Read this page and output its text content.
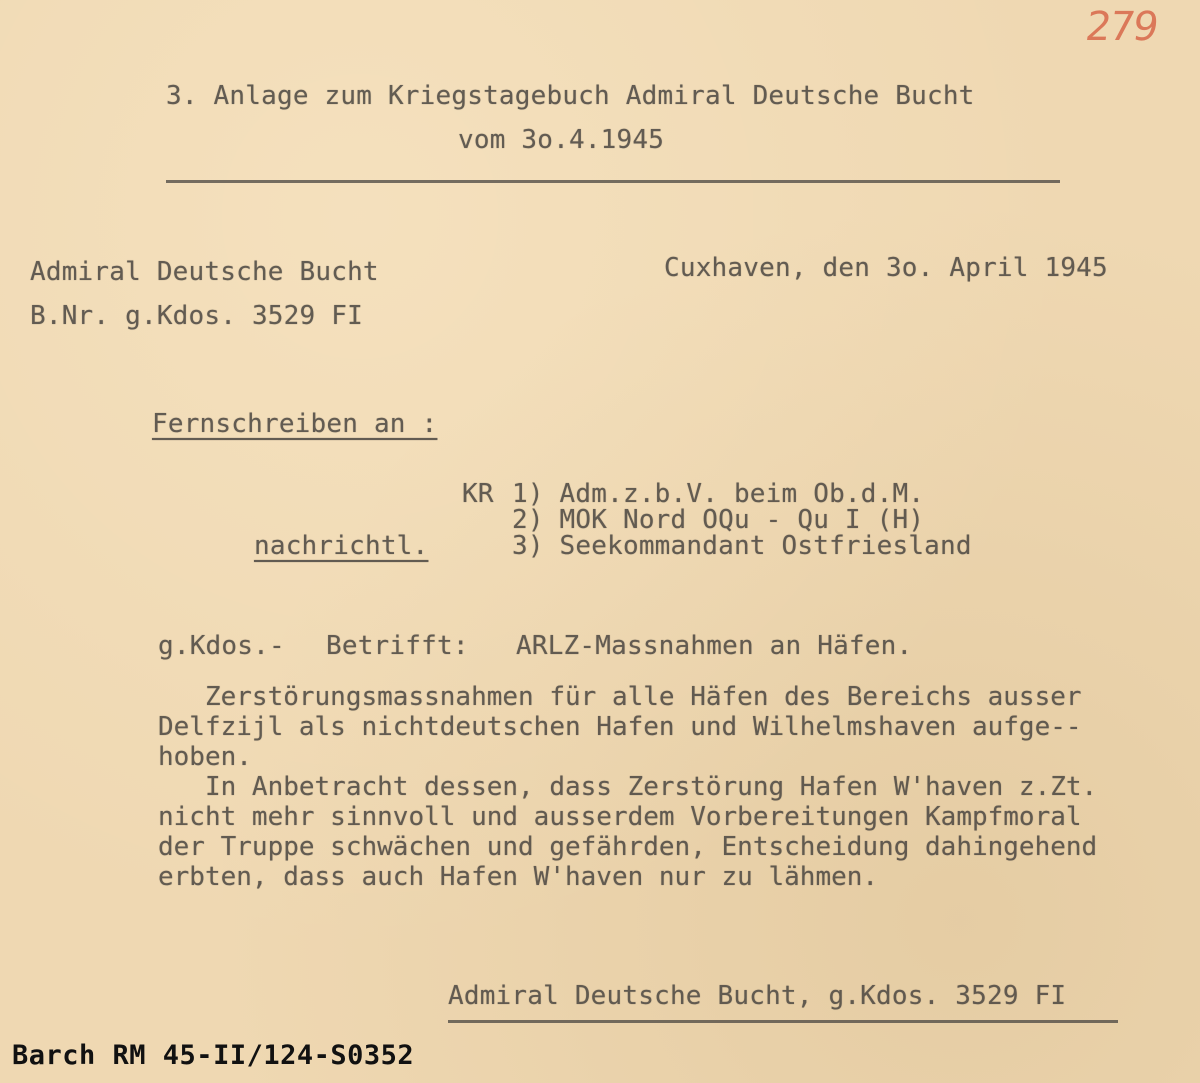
279
3. Anlage zum Kriegstagebuch Admiral Deutsche Bucht
vom 3o.4.1945
Admiral Deutsche Bucht
B.Nr. g.Kdos. 3529 FI
Cuxhaven, den 3o. April 1945
Fernschreiben an :
KR 1) Adm.z.b.V. beim Ob.d.M.
2) MOK Nord OQu - Qu I (H)
nachrichtl.	3) Seekommandant Ostfriesland
g.Kdos.- Betrifft: ARLZ-Massnahmen an Häfen.
Zerstörungsmassnahmen für alle Häfen des Bereichs ausser
Delfzijl als nichtdeutschen Hafen und Wilhelmshaven aufge--
hoben.
In Anbetracht dessen, dass Zerstörung Hafen W'haven z.Zt.
nicht mehr sinnvoll und ausserdem Vorbereitungen Kampfmoral
der Truppe schwächen und gefährden, Entscheidung dahingehend
erbten, dass auch Hafen W'haven nur zu lähmen.
Admiral Deutsche Bucht, g.Kdos. 3529 FI
Barch RM 45-II/124-S0352
